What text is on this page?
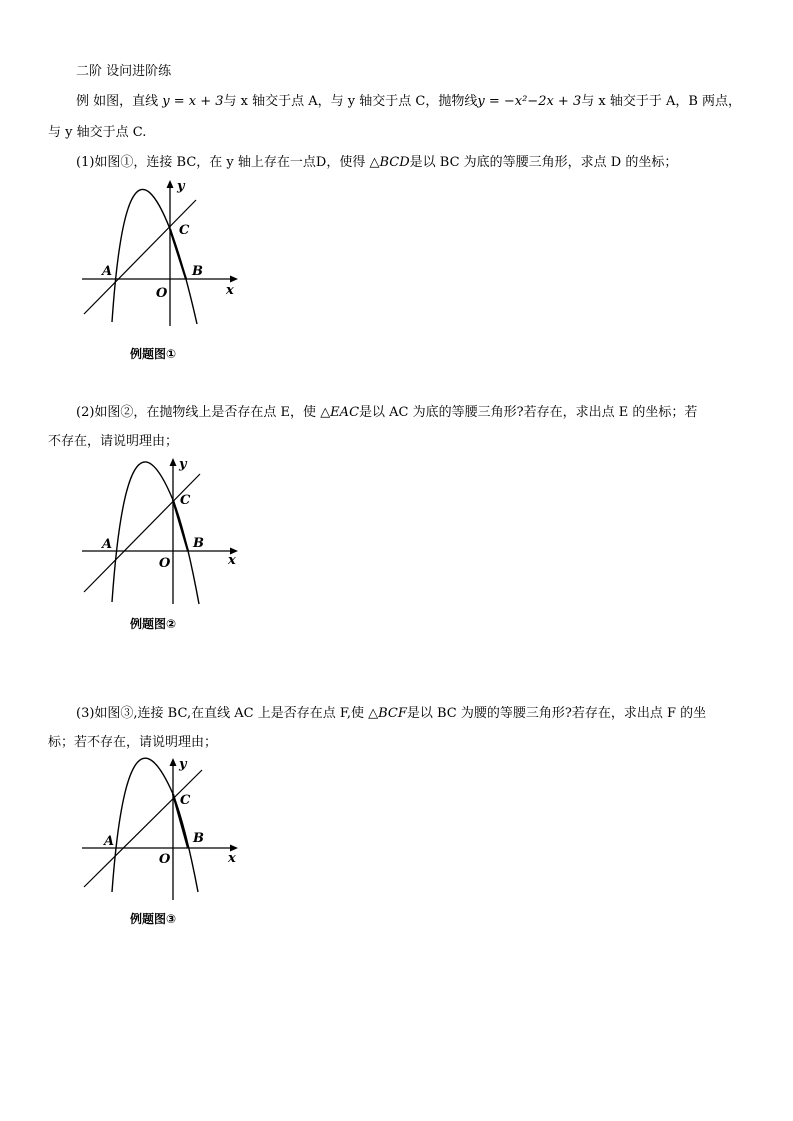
二阶 设问进阶练
例 如图，直线 y = x + 3与 x 轴交于点 A，与 y 轴交于点 C，抛物线y = −x²−2x + 3与 x 轴交于于 A，B 两点，
与 y 轴交于点 C.
(1)如图①，连接 BC，在 y 轴上存在一点D，使得 △BCD是以 BC 为底的等腰三角形，求点 D 的坐标；
C
A	B
O	x
y
例题图①
(2)如图②，在抛物线上是否存在点 E，使 △EAC是以 AC 为底的等腰三角形?若存在，求出点 E 的坐标；若
不存在，请说明理由；
C
A	B
O	x
y
例题图②
(3)如图③,连接 BC,在直线 AC 上是否存在点 F,使 △BCF是以 BC 为腰的等腰三角形?若存在，求出点 F 的坐
标；若不存在，请说明理由；
C
A	B
O	x
y
例题图③
